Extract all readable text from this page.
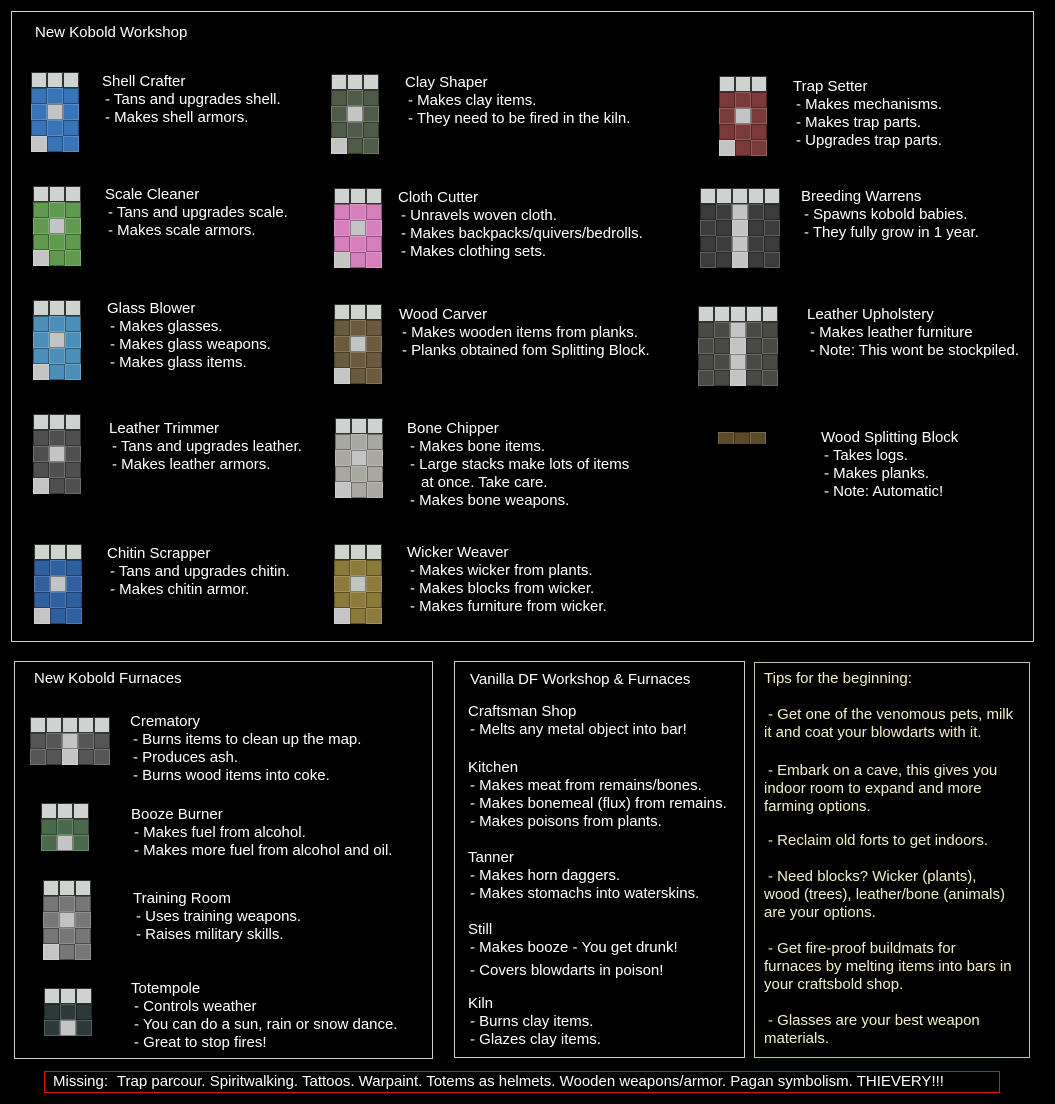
New Kobold Workshop
New Kobold Furnaces	Vanilla DF Workshop & Furnaces	Tips for the beginning:
Shell Crafter
- Tans and upgrades shell.
- Makes shell armors.
Scale Cleaner
- Tans and upgrades scale.
- Makes scale armors.
Glass Blower
- Makes glasses.
- Makes glass weapons.
- Makes glass items.
Leather Trimmer
- Tans and upgrades leather.
- Makes leather armors.
Chitin Scrapper
- Tans and upgrades chitin.
- Makes chitin armor.
Clay Shaper
- Makes clay items.
- They need to be fired in the kiln.
Cloth Cutter
- Unravels woven cloth.
- Makes backpacks/quivers/bedrolls.
- Makes clothing sets.
Wood Carver
- Makes wooden items from planks.
- Planks obtained fom Splitting Block.
Bone Chipper
- Makes bone items.
- Large stacks make lots of items
at once. Take care.
- Makes bone weapons.
Wicker Weaver
- Makes wicker from plants.
- Makes blocks from wicker.
- Makes furniture from wicker.
Trap Setter
- Makes mechanisms.
- Makes trap parts.
- Upgrades trap parts.
Breeding Warrens
- Spawns kobold babies.
- They fully grow in 1 year.
Leather Upholstery
- Makes leather furniture
- Note: This wont be stockpiled.
Wood Splitting Block
- Takes logs.
- Makes planks.
- Note: Automatic!
Crematory
- Burns items to clean up the map.
- Produces ash.
- Burns wood items into coke.
Booze Burner
- Makes fuel from alcohol.
- Makes more fuel from alcohol and oil.
Training Room
- Uses training weapons.
- Raises military skills.
Totempole
- Controls weather
- You can do a sun, rain or snow dance.
- Great to stop fires!
Craftsman Shop
- Melts any metal object into bar!
Kitchen
- Makes meat from remains/bones.
- Makes bonemeal (flux) from remains.
- Makes poisons from plants.
Tanner
- Makes horn daggers.
- Makes stomachs into waterskins.
Still
- Makes booze - You get drunk!
- Covers blowdarts in poison!
Kiln
- Burns clay items.
- Glazes clay items.
- Get one of the venomous pets, milk
it and coat your blowdarts with it.
- Embark on a cave, this gives you
indoor room to expand and more
farming options.
- Reclaim old forts to get indoors.
- Need blocks? Wicker (plants),
wood (trees), leather/bone (animals)
are your options.
- Get fire-proof buildmats for
furnaces by melting items into bars in
your craftsbold shop.
- Glasses are your best weapon
materials.
Missing: Trap parcour. Spiritwalking. Tattoos. Warpaint. Totems as helmets. Wooden weapons/armor. Pagan symbolism. THIEVERY!!!
